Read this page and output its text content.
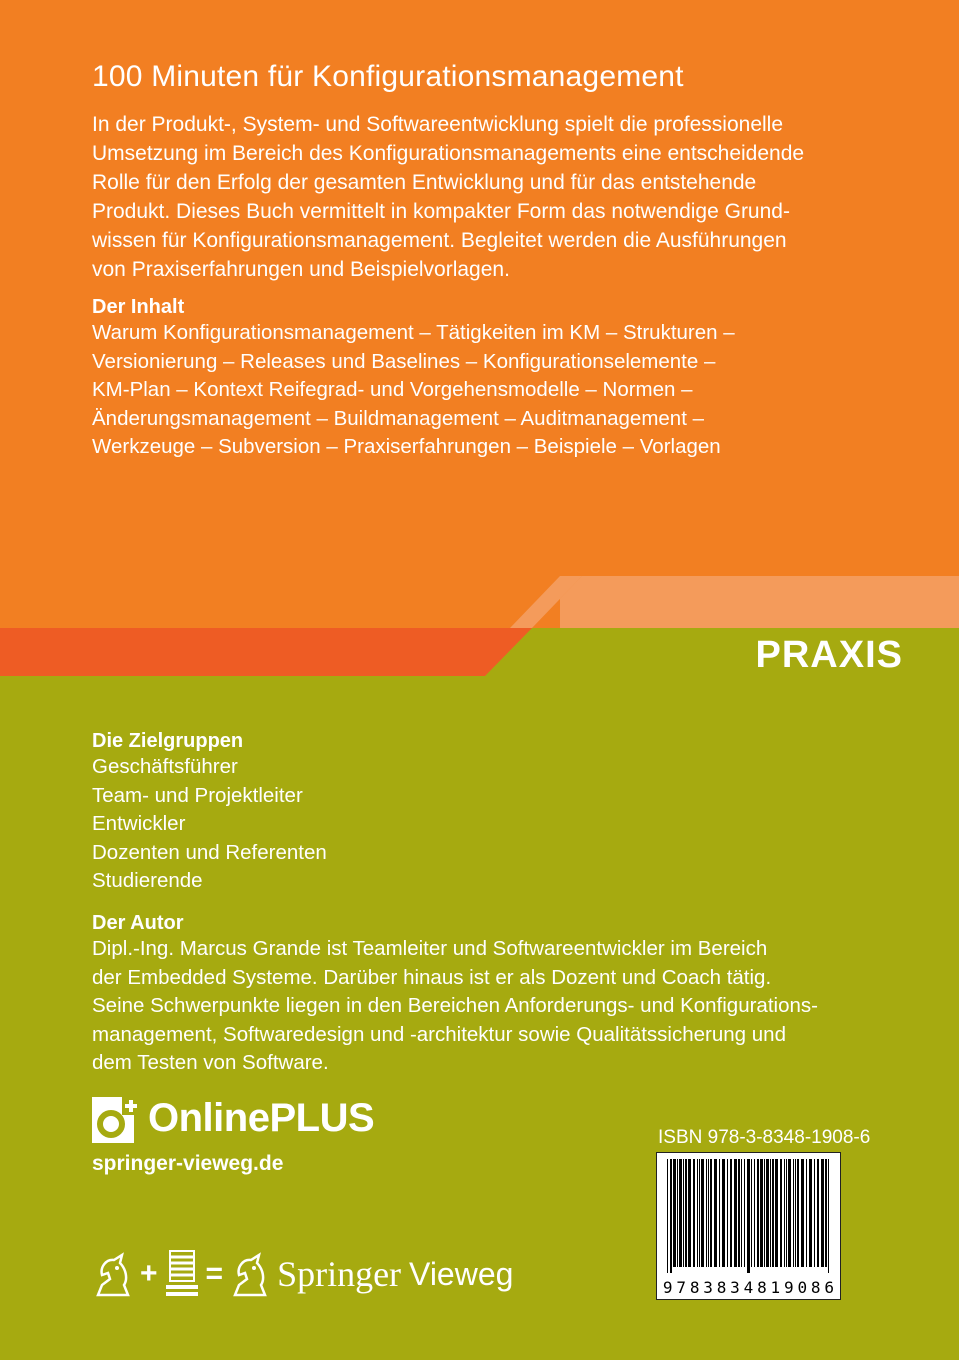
100 Minuten für Konfigurationsmanagement
In der Produkt-, System- und Softwareentwicklung spielt die professionelle
Umsetzung im Bereich des Konfigurationsmanagements eine entscheidende
Rolle für den Erfolg der gesamten Entwicklung und für das entstehende
Produkt. Dieses Buch vermittelt in kompakter Form das notwendige Grund-
wissen für Konfigurationsmanagement. Begleitet werden die Ausführungen
von Praxiserfahrungen und Beispielvorlagen.
Der Inhalt
Warum Konfigurationsmanagement – Tätigkeiten im KM – Strukturen –
Versionierung – Releases und Baselines – Konfigurationselemente –
KM-Plan – Kontext Reifegrad- und Vorgehensmodelle – Normen –
Änderungsmanagement – Buildmanagement – Auditmanagement –
Werkzeuge – Subversion – Praxiserfahrungen – Beispiele – Vorlagen
PRAXIS
Die Zielgruppen
Geschäftsführer
Team- und Projektleiter
Entwickler
Dozenten und Referenten
Studierende
Der Autor
Dipl.-Ing. Marcus Grande ist Teamleiter und Softwareentwickler im Bereich
der Embedded Systeme. Darüber hinaus ist er als Dozent und Coach tätig.
Seine Schwerpunkte liegen in den Bereichen Anforderungs- und Konfigurations-
management, Softwaredesign und -architektur sowie Qualitätssicherung und
dem Testen von Software.
OnlinePLUS
springer-vieweg.de
ISBN 978-3-8348-1908-6
9 7 8 3 8 3 4 8 1 9 0 8 6
+ = Springer Vieweg
